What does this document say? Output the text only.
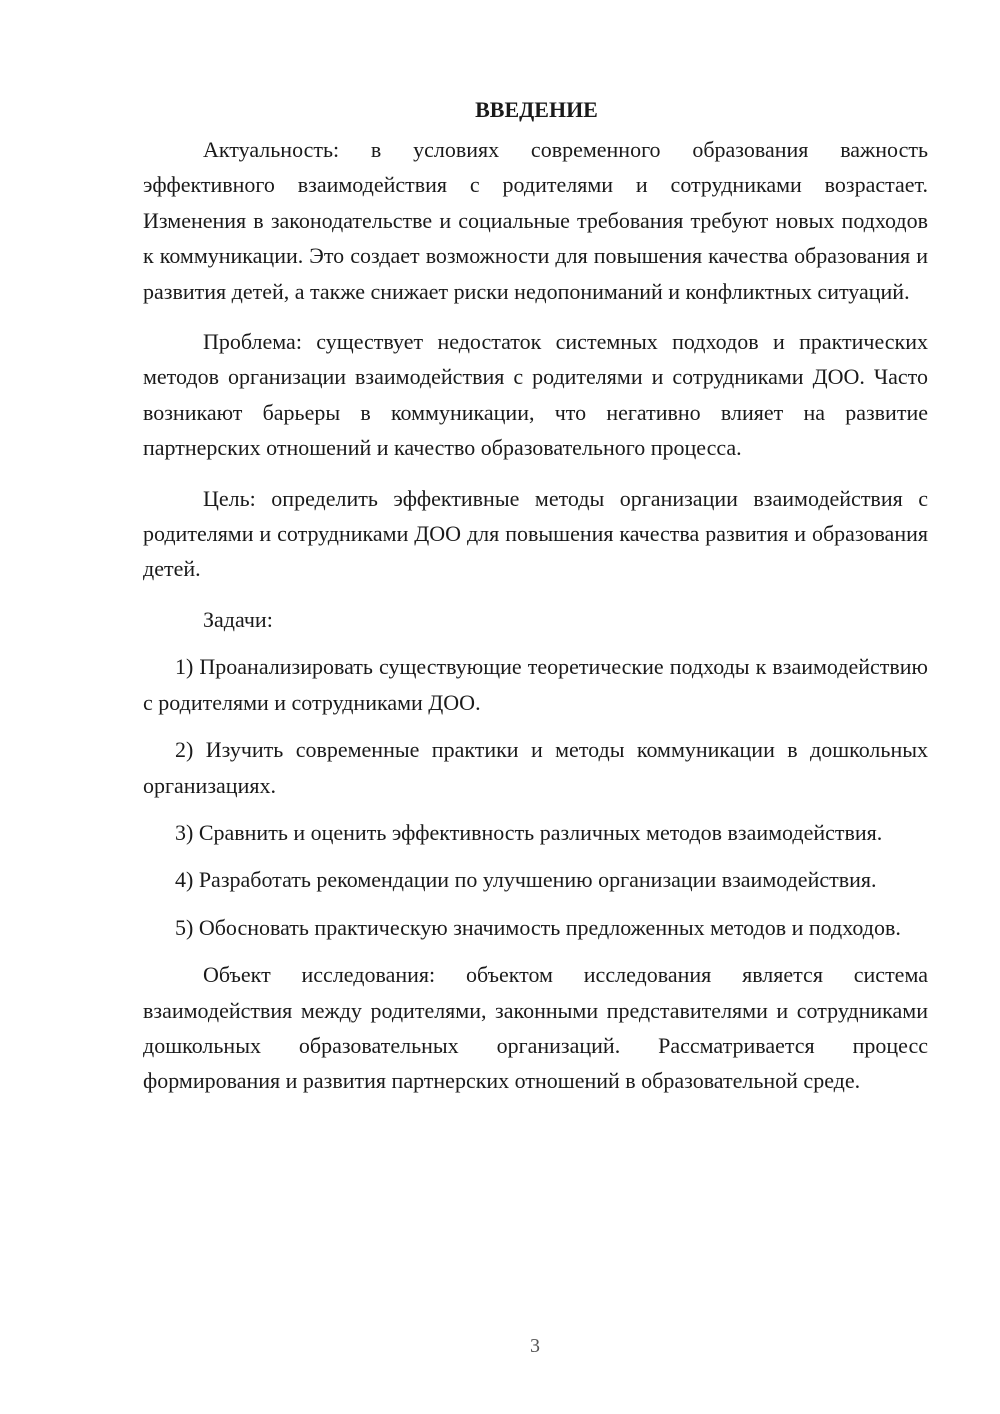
ВВЕДЕНИЕ

Актуальность: в условиях современного образования важность эффективного взаимодействия с родителями и сотрудниками возрастает. Изменения в законодательстве и социальные требования требуют новых подходов к коммуникации. Это создает возможности для повышения качества образования и развития детей, а также снижает риски недопониманий и конфликтных ситуаций.

Проблема: существует недостаток системных подходов и практических методов организации взаимодействия с родителями и сотрудниками ДОО. Часто возникают барьеры в коммуникации, что негативно влияет на развитие партнерских отношений и качество образовательного процесса.

Цель: определить эффективные методы организации взаимодействия с родителями и сотрудниками ДОО для повышения качества развития и образования детей.

Задачи:

1) Проанализировать существующие теоретические подходы к взаимодействию с родителями и сотрудниками ДОО.

2) Изучить современные практики и методы коммуникации в дошкольных организациях.

3) Сравнить и оценить эффективность различных методов взаимодействия.

4) Разработать рекомендации по улучшению организации взаимодействия.

5) Обосновать практическую значимость предложенных методов и подходов.

Объект исследования: объектом исследования является система взаимодействия между родителями, законными представителями и сотрудниками дошкольных образовательных организаций. Рассматривается процесс формирования и развития партнерских отношений в образовательной среде.

3
